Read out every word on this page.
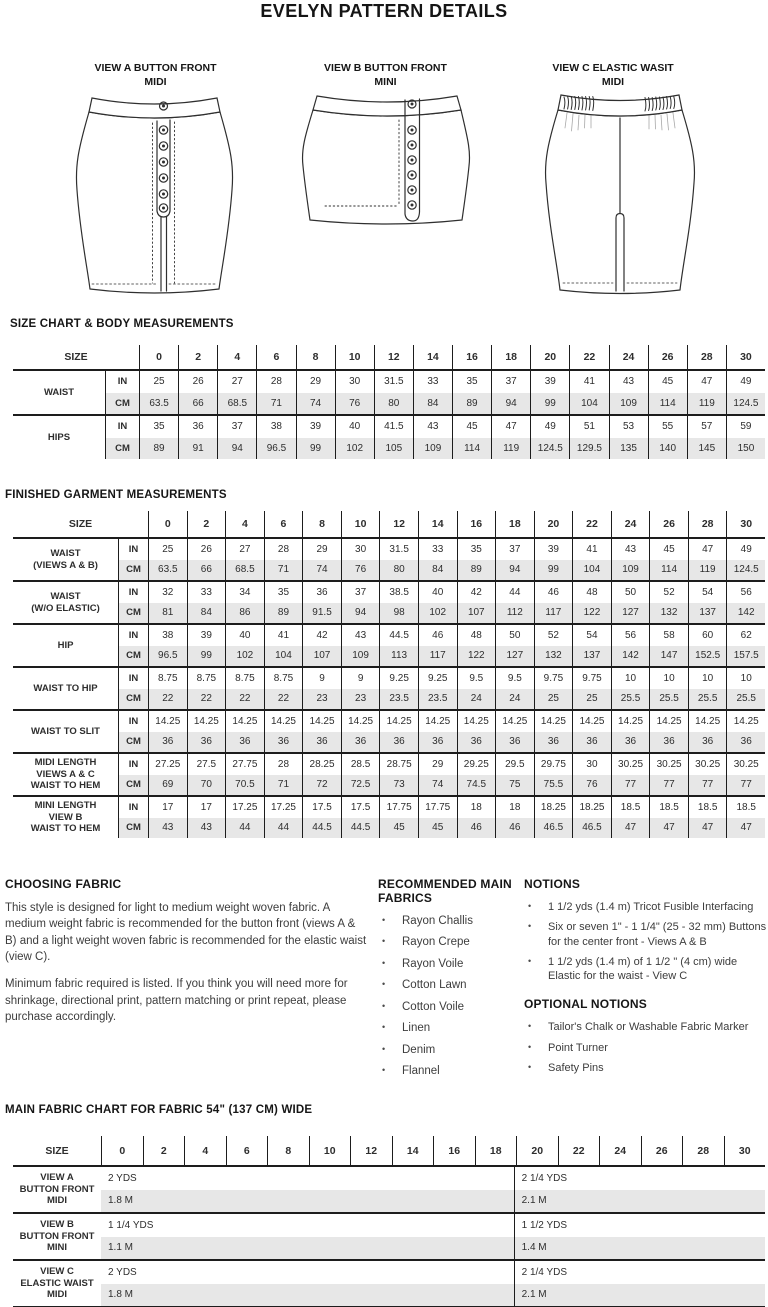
EVELYN PATTERN DETAILS
VIEW A BUTTON FRONT
MIDI
VIEW B BUTTON FRONT
MINI
VIEW C ELASTIC WASIT
MIDI
SIZE CHART & BODY MEASUREMENTS
SIZE	0	2	4	6	8	10	12	14	16	18	20	22	24	26	28	30
WAIST
IN	25	26	27	28	29	30	31.5	33	35	37	39	41	43	45	47	49
CM	63.5	66	68.5	71	74	76	80	84	89	94	99	104	109	114	119	124.5
HIPS
IN	35	36	37	38	39	40	41.5	43	45	47	49	51	53	55	57	59
CM	89	91	94	96.5	99	102	105	109	114	119	124.5	129.5	135	140	145	150
FINISHED GARMENT MEASUREMENTS
SIZE	0	2	4	6	8	10	12	14	16	18	20	22	24	26	28	30
WAIST
(VIEWS A & B)
IN	25	26	27	28	29	30	31.5	33	35	37	39	41	43	45	47	49
CM	63.5	66	68.5	71	74	76	80	84	89	94	99	104	109	114	119	124.5
WAIST
(W/O ELASTIC)
IN	32	33	34	35	36	37	38.5	40	42	44	46	48	50	52	54	56
CM	81	84	86	89	91.5	94	98	102	107	112	117	122	127	132	137	142
HIP
IN	38	39	40	41	42	43	44.5	46	48	50	52	54	56	58	60	62
CM	96.5	99	102	104	107	109	113	117	122	127	132	137	142	147	152.5	157.5
WAIST TO HIP
IN	8.75	8.75	8.75	8.75	9	9	9.25	9.25	9.5	9.5	9.75	9.75	10	10	10	10
CM	22	22	22	22	23	23	23.5	23.5	24	24	25	25	25.5	25.5	25.5	25.5
WAIST TO SLIT
IN	14.25	14.25	14.25	14.25	14.25	14.25	14.25	14.25	14.25	14.25	14.25	14.25	14.25	14.25	14.25	14.25
CM	36	36	36	36	36	36	36	36	36	36	36	36	36	36	36	36
MIDI LENGTH
VIEWS A & C
WAIST TO HEM
IN	27.25	27.5	27.75	28	28.25	28.5	28.75	29	29.25	29.5	29.75	30	30.25	30.25	30.25	30.25
CM	69	70	70.5	71	72	72.5	73	74	74.5	75	75.5	76	77	77	77	77
MINI LENGTH
VIEW B
WAIST TO HEM
IN	17	17	17.25	17.25	17.5	17.5	17.75	17.75	18	18	18.25	18.25	18.5	18.5	18.5	18.5
CM	43	43	44	44	44.5	44.5	45	45	46	46	46.5	46.5	47	47	47	47
CHOOSING FABRIC

This style is designed for light to medium weight woven fabric. A medium weight fabric is recommended for the button front (views A & B) and a light weight woven fabric is recommended for the elastic waist (view C).

Minimum fabric required is listed. If you think you will need more for shrinkage, directional print, pattern matching or print repeat, please purchase accordingly.

RECOMMENDED MAIN FABRICS
•	Rayon Challis
•	Rayon Crepe
•	Rayon Voile
•	Cotton Lawn
•	Cotton Voile
•	Linen
•	Denim
•	Flannel
NOTIONS
•	1 1/2 yds (1.4 m) Tricot Fusible Interfacing
•	Six or seven 1" - 1 1/4" (25 - 32 mm) Buttons for the center front - Views A & B
•	1 1/2 yds (1.4 m) of 1 1/2 " (4 cm) wide Elastic for the waist - View C
OPTIONAL NOTIONS
•	Tailor's Chalk or Washable Fabric Marker
•	Point Turner
•	Safety Pins
MAIN FABRIC CHART FOR FABRIC 54" (137 CM) WIDE
SIZE	0	2	4	6	8	10	12	14	16	18	20	22	24	26	28	30
VIEW A
BUTTON FRONT
MIDI
2 YDS	2 1/4 YDS
1.8 M	2.1 M
VIEW B
BUTTON FRONT
MINI
1 1/4 YDS	1 1/2 YDS
1.1 M	1.4 M
VIEW C
ELASTIC WAIST
MIDI
2 YDS	2 1/4 YDS
1.8 M	2.1 M
